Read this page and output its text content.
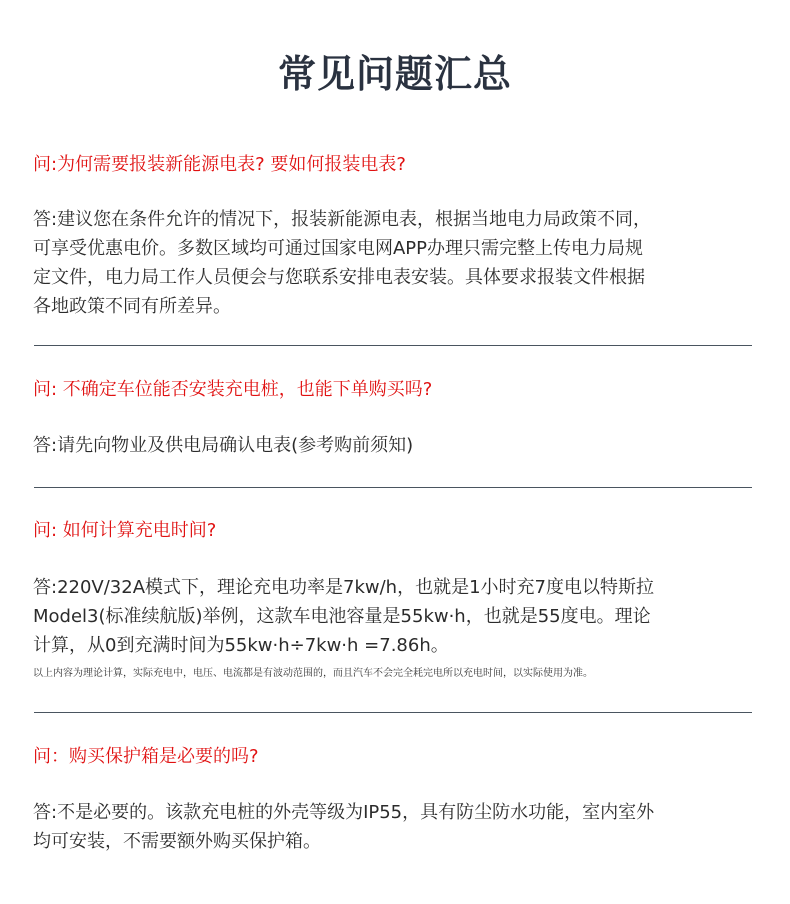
常见问题汇总
问:为何需要报装新能源电表? 要如何报装电表?
答:建议您在条件允许的情况下，报装新能源电表，根据当地电力局政策不同，
可享受优惠电价。多数区域均可通过国家电网APP办理只需完整上传电力局规
定文件，电力局工作人员便会与您联系安排电表安装。具体要求报装文件根据
各地政策不同有所差异。
问: 不确定车位能否安装充电桩，也能下单购买吗?
答:请先向物业及供电局确认电表(参考购前须知)
问: 如何计算充电时间?
答:220V/32A模式下，理论充电功率是7kw/h，也就是1小时充7度电以特斯拉
Model3(标准续航版)举例，这款车电池容量是55kw·h，也就是55度电。理论
计算，从0到充满时间为55kw·h÷7kw·h =7.86h。
以上内容为理论计算，实际充电中，电压、电流都是有波动范围的，而且汽车不会完全耗完电所以充电时间，以实际使用为准。
问：购买保护箱是必要的吗?
答:不是必要的。该款充电桩的外壳等级为IP55，具有防尘防水功能，室内室外
均可安装，不需要额外购买保护箱。
